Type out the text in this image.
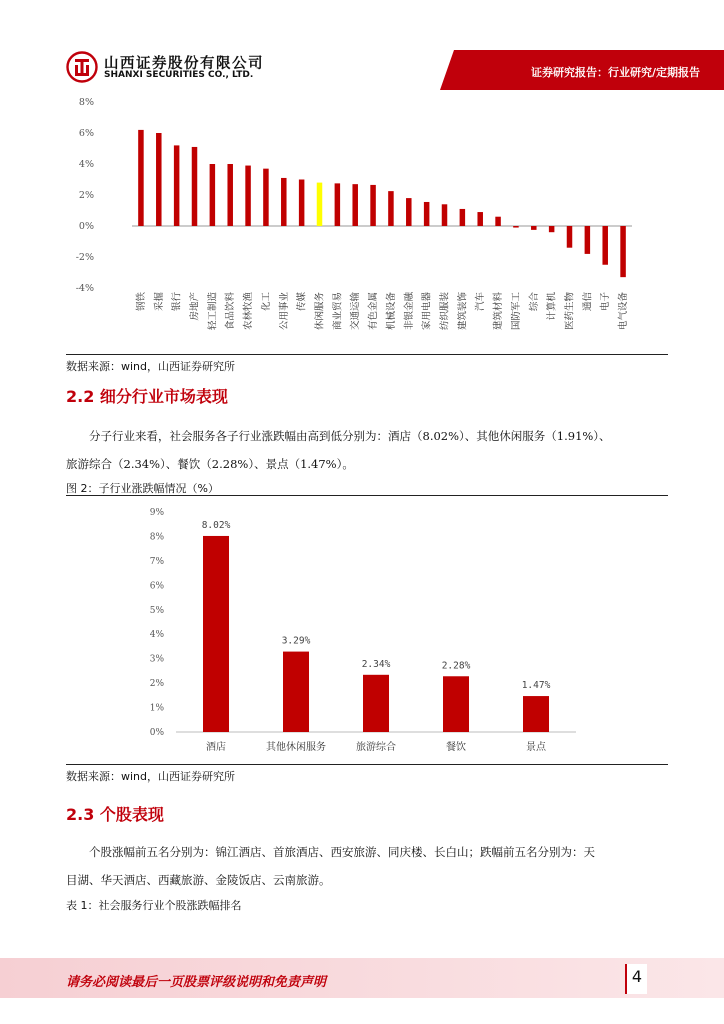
山西证券股份有限公司
SHANXI SECURITIES CO., LTD.	证券研究报告：行业研究/定期报告
-4%
-2%
0%
2%
4%
6%
8%
钢铁 采掘 银行 房地产 轻工制造 食品饮料 农林牧渔 化工 公用事业 传媒 休闲服务 商业贸易 交通运输 有色金属 机械设备 非银金融 家用电器 纺织服装 建筑装饰 汽车 建筑材料 国防军工 综合 计算机 医药生物 通信 电子 电气设备
数据来源：wind，山西证券研究所
2.2 细分行业市场表现
分子行业来看，社会服务各子行业涨跌幅由高到低分别为：酒店（8.02%）、其他休闲服务（1.91%）、
旅游综合（2.34%）、餐饮（2.28%）、景点（1.47%）。
图 2：子行业涨跌幅情况（%）
0%
1%
2%
3%
4%
5%
6%
7%
8%
9%
8.02%
酒店
3.29%
其他休闲服务
2.34%
旅游综合
2.28%
餐饮
1.47%
景点
数据来源：wind，山西证券研究所
2.3 个股表现
个股涨幅前五名分别为：锦江酒店、首旅酒店、西安旅游、同庆楼、长白山；跌幅前五名分别为：天
目湖、华天酒店、西藏旅游、金陵饭店、云南旅游。
表 1：社会服务行业个股涨跌幅排名
请务必阅读最后一页股票评级说明和免责声明	4
